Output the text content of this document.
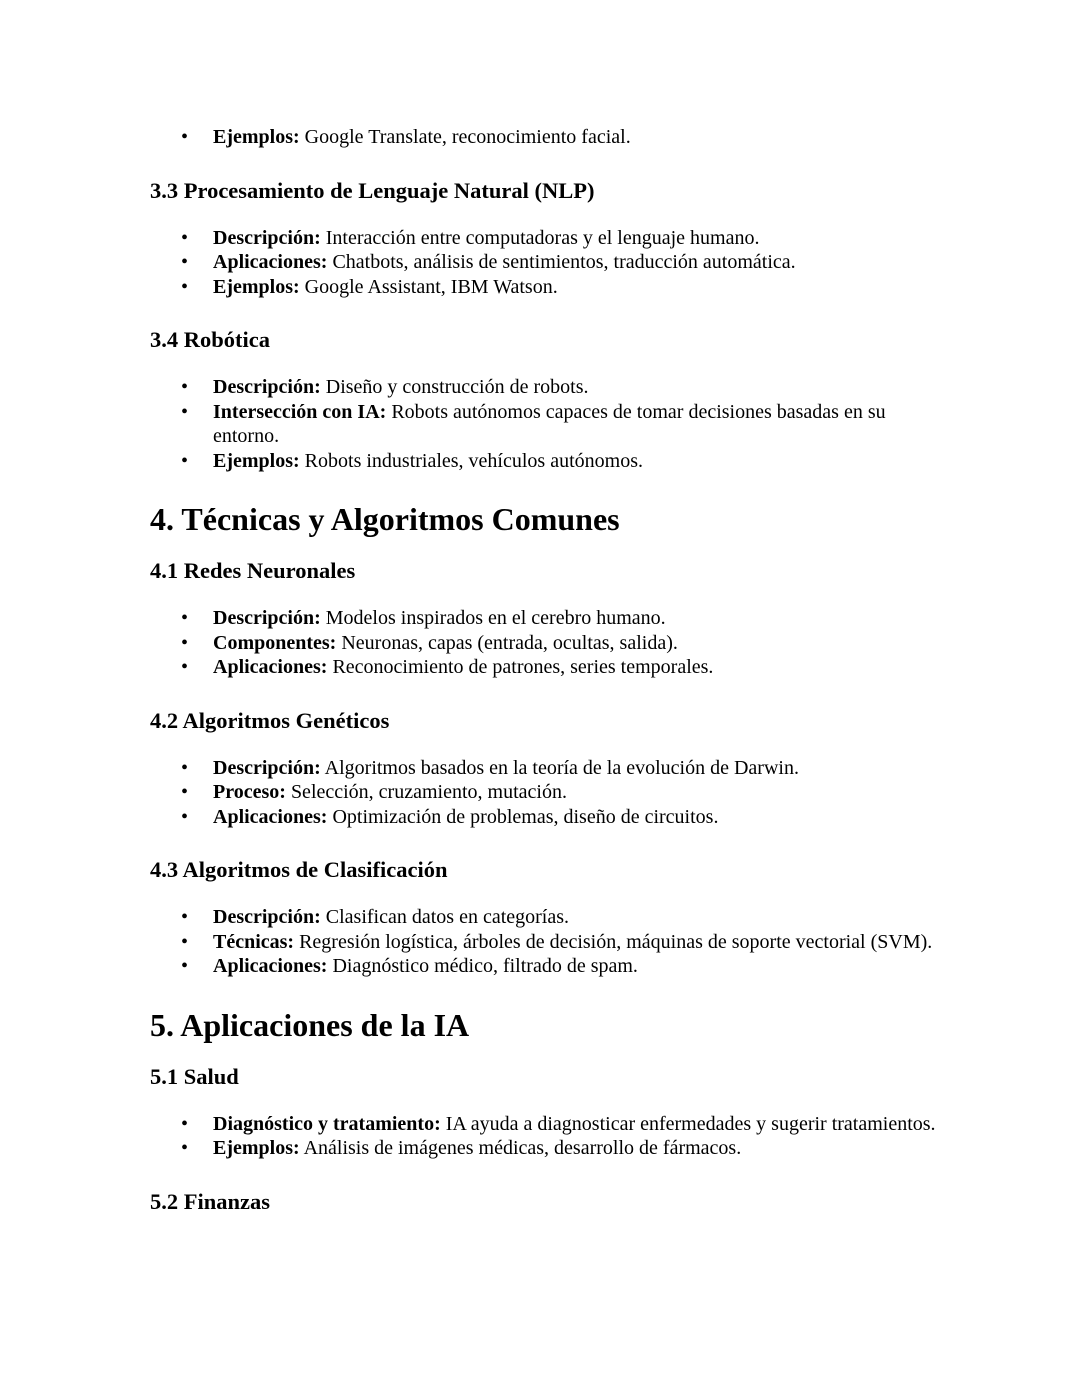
• Ejemplos: Google Translate, reconocimiento facial.
3.3 Procesamiento de Lenguaje Natural (NLP)
• Descripción: Interacción entre computadoras y el lenguaje humano.
• Aplicaciones: Chatbots, análisis de sentimientos, traducción automática.
• Ejemplos: Google Assistant, IBM Watson.
3.4 Robótica
• Descripción: Diseño y construcción de robots.
• Intersección con IA: Robots autónomos capaces de tomar decisiones basadas en su entorno.
• Ejemplos: Robots industriales, vehículos autónomos.
4. Técnicas y Algoritmos Comunes
4.1 Redes Neuronales
• Descripción: Modelos inspirados en el cerebro humano.
• Componentes: Neuronas, capas (entrada, ocultas, salida).
• Aplicaciones: Reconocimiento de patrones, series temporales.
4.2 Algoritmos Genéticos
• Descripción: Algoritmos basados en la teoría de la evolución de Darwin.
• Proceso: Selección, cruzamiento, mutación.
• Aplicaciones: Optimización de problemas, diseño de circuitos.
4.3 Algoritmos de Clasificación
• Descripción: Clasifican datos en categorías.
• Técnicas: Regresión logística, árboles de decisión, máquinas de soporte vectorial (SVM).
• Aplicaciones: Diagnóstico médico, filtrado de spam.
5. Aplicaciones de la IA
5.1 Salud
• Diagnóstico y tratamiento: IA ayuda a diagnosticar enfermedades y sugerir tratamientos.
• Ejemplos: Análisis de imágenes médicas, desarrollo de fármacos.
5.2 Finanzas
